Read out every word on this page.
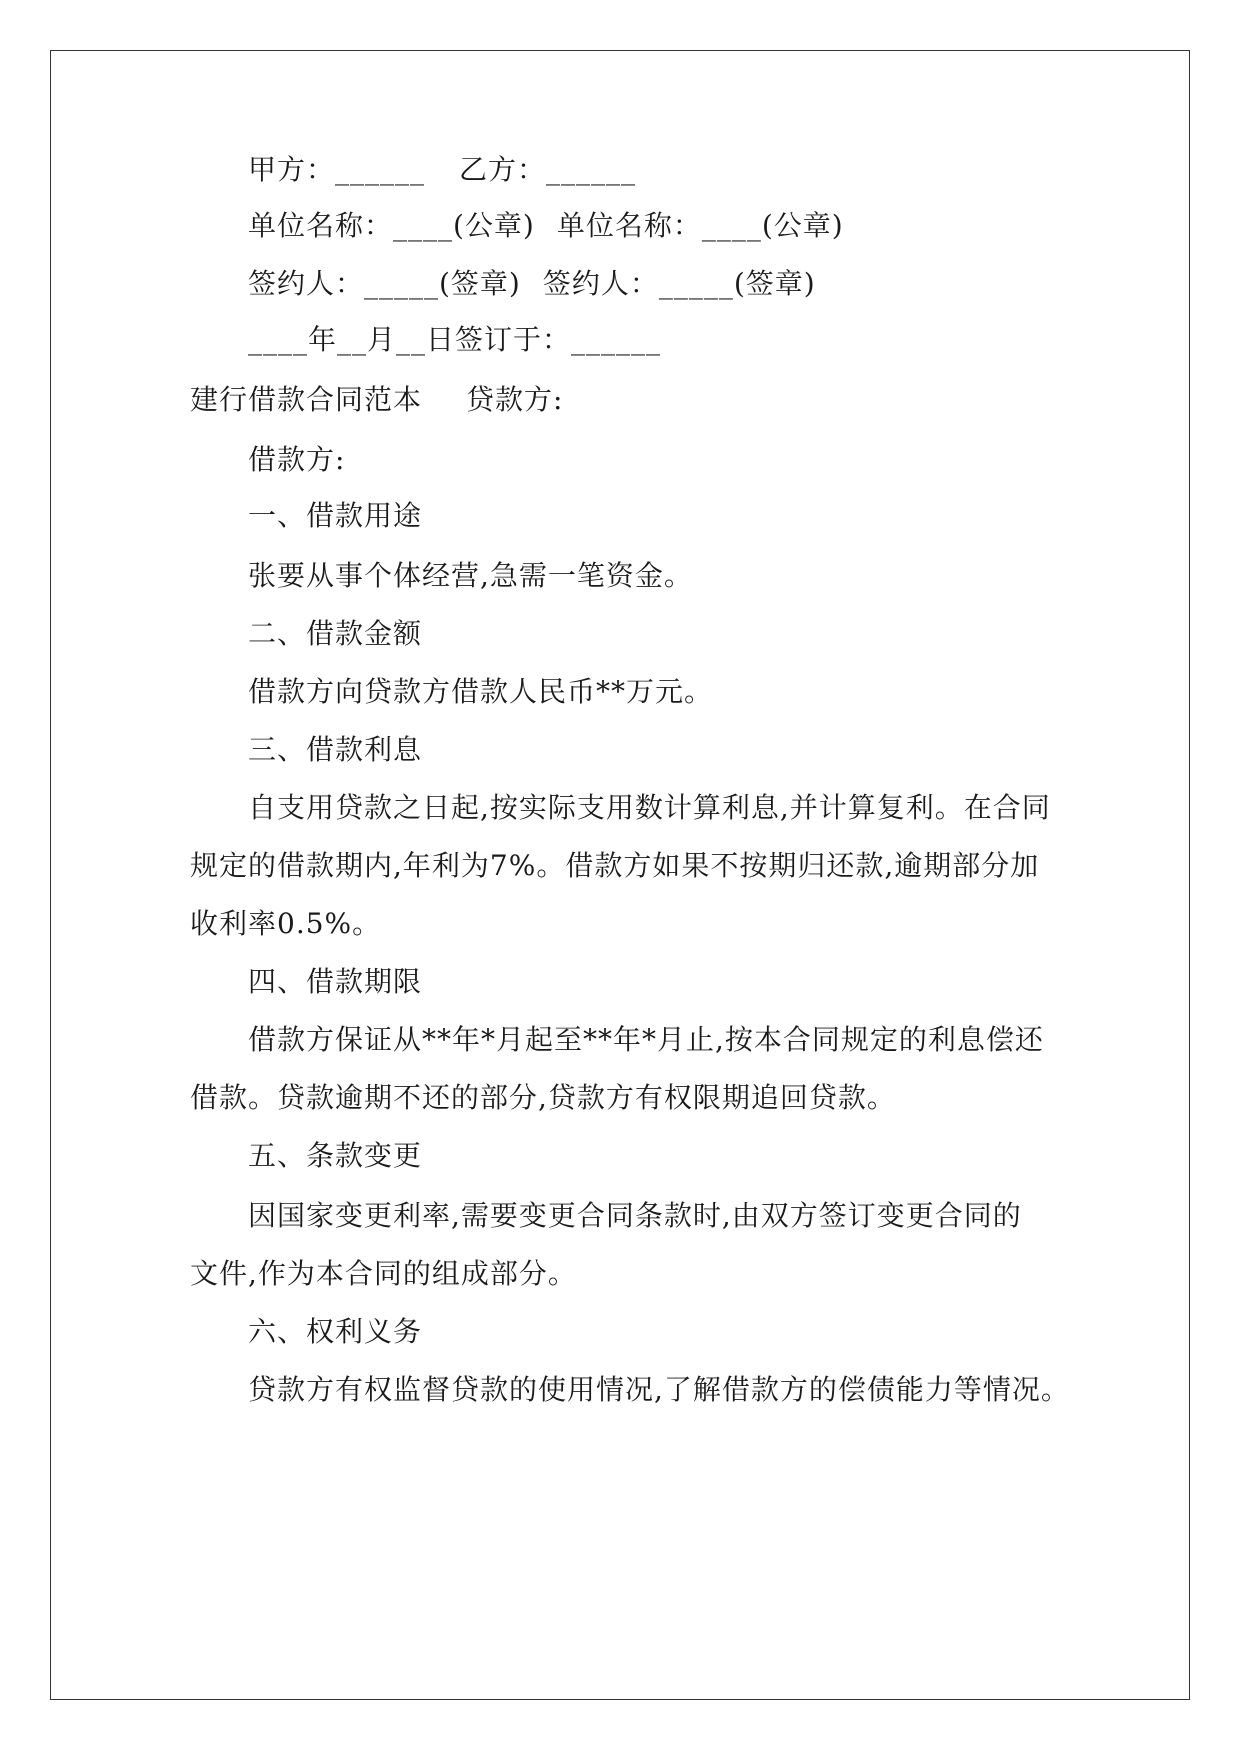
甲方：______ 乙方：______
单位名称：____(公章) 单位名称：____(公章)
签约人：_____(签章) 签约人：_____(签章)
____年__月__日签订于：______
建行借款合同范本 贷款方:
借款方:
一、借款用途
张要从事个体经营,急需一笔资金。
二、借款金额
借款方向贷款方借款人民币**万元。
三、借款利息
自支用贷款之日起,按实际支用数计算利息,并计算复利。在合同
规定的借款期内,年利为7%。借款方如果不按期归还款,逾期部分加
收利率0.5%。
四、借款期限
借款方保证从**年*月起至**年*月止,按本合同规定的利息偿还
借款。贷款逾期不还的部分,贷款方有权限期追回贷款。
五、条款变更
因国家变更利率,需要变更合同条款时,由双方签订变更合同的
文件,作为本合同的组成部分。
六、权利义务
贷款方有权监督贷款的使用情况,了解借款方的偿债能力等情况。
